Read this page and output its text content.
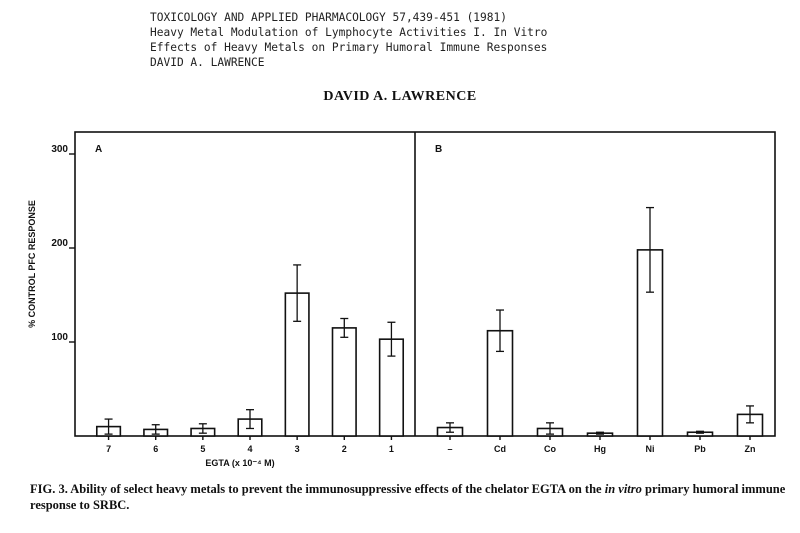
TOXICOLOGY AND APPLIED PHARMACOLOGY 57,439-451 (1981)
Heavy Metal Modulation of Lymphocyte Activities I. In Vitro
Effects of Heavy Metals on Primary Humoral Immune Responses
DAVID A. LAWRENCE
DAVID A. LAWRENCE
300
200
100
% CONTROL PFC RESPONSE
A
7	6	5	4	3	2	1
EGTA (x 10⁻⁴ M)
B
–	Cd	Co	Hg	Ni	Pb	Zn
FIG. 3. Ability of select heavy metals to prevent the immunosuppressive effects of the chelator EGTA on the in vitro primary humoral immune response to SRBC.
